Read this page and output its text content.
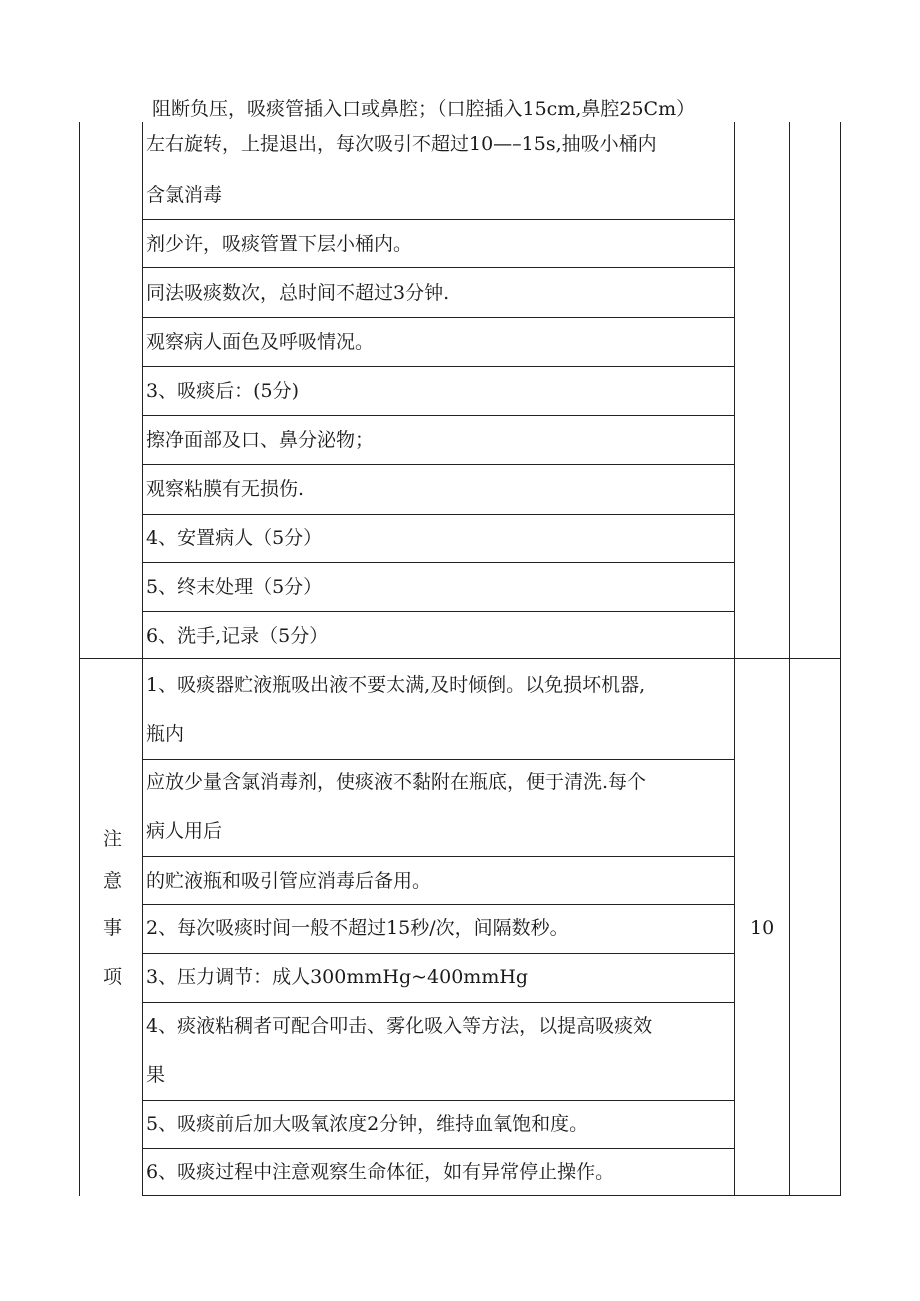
阻断负压，吸痰管插入口或鼻腔；（口腔插入15cm,鼻腔25Cm）
左右旋转，上提退出，每次吸引不超过10—–15s,抽吸小桶内
含氯消毒
剂少许，吸痰管置下层小桶内。
同法吸痰数次，总时间不超过3分钟.
观察病人面色及呼吸情况。
3、吸痰后：(5分)
擦净面部及口、鼻分泌物；
观察粘膜有无损伤.
4、安置病人（5分）
5、终末处理（5分）
6、洗手,记录（5分）
注
意
事
项
10
1、吸痰器贮液瓶吸出液不要太满,及时倾倒。以免损坏机器,
瓶内
应放少量含氯消毒剂，使痰液不黏附在瓶底，便于清洗.每个
病人用后
的贮液瓶和吸引管应消毒后备用。
2、每次吸痰时间一般不超过15秒/次，间隔数秒。
3、压力调节：成人300mmHg~400mmHg
4、痰液粘稠者可配合叩击、雾化吸入等方法，以提高吸痰效
果
5、吸痰前后加大吸氧浓度2分钟，维持血氧饱和度。
6、吸痰过程中注意观察生命体征，如有异常停止操作。
